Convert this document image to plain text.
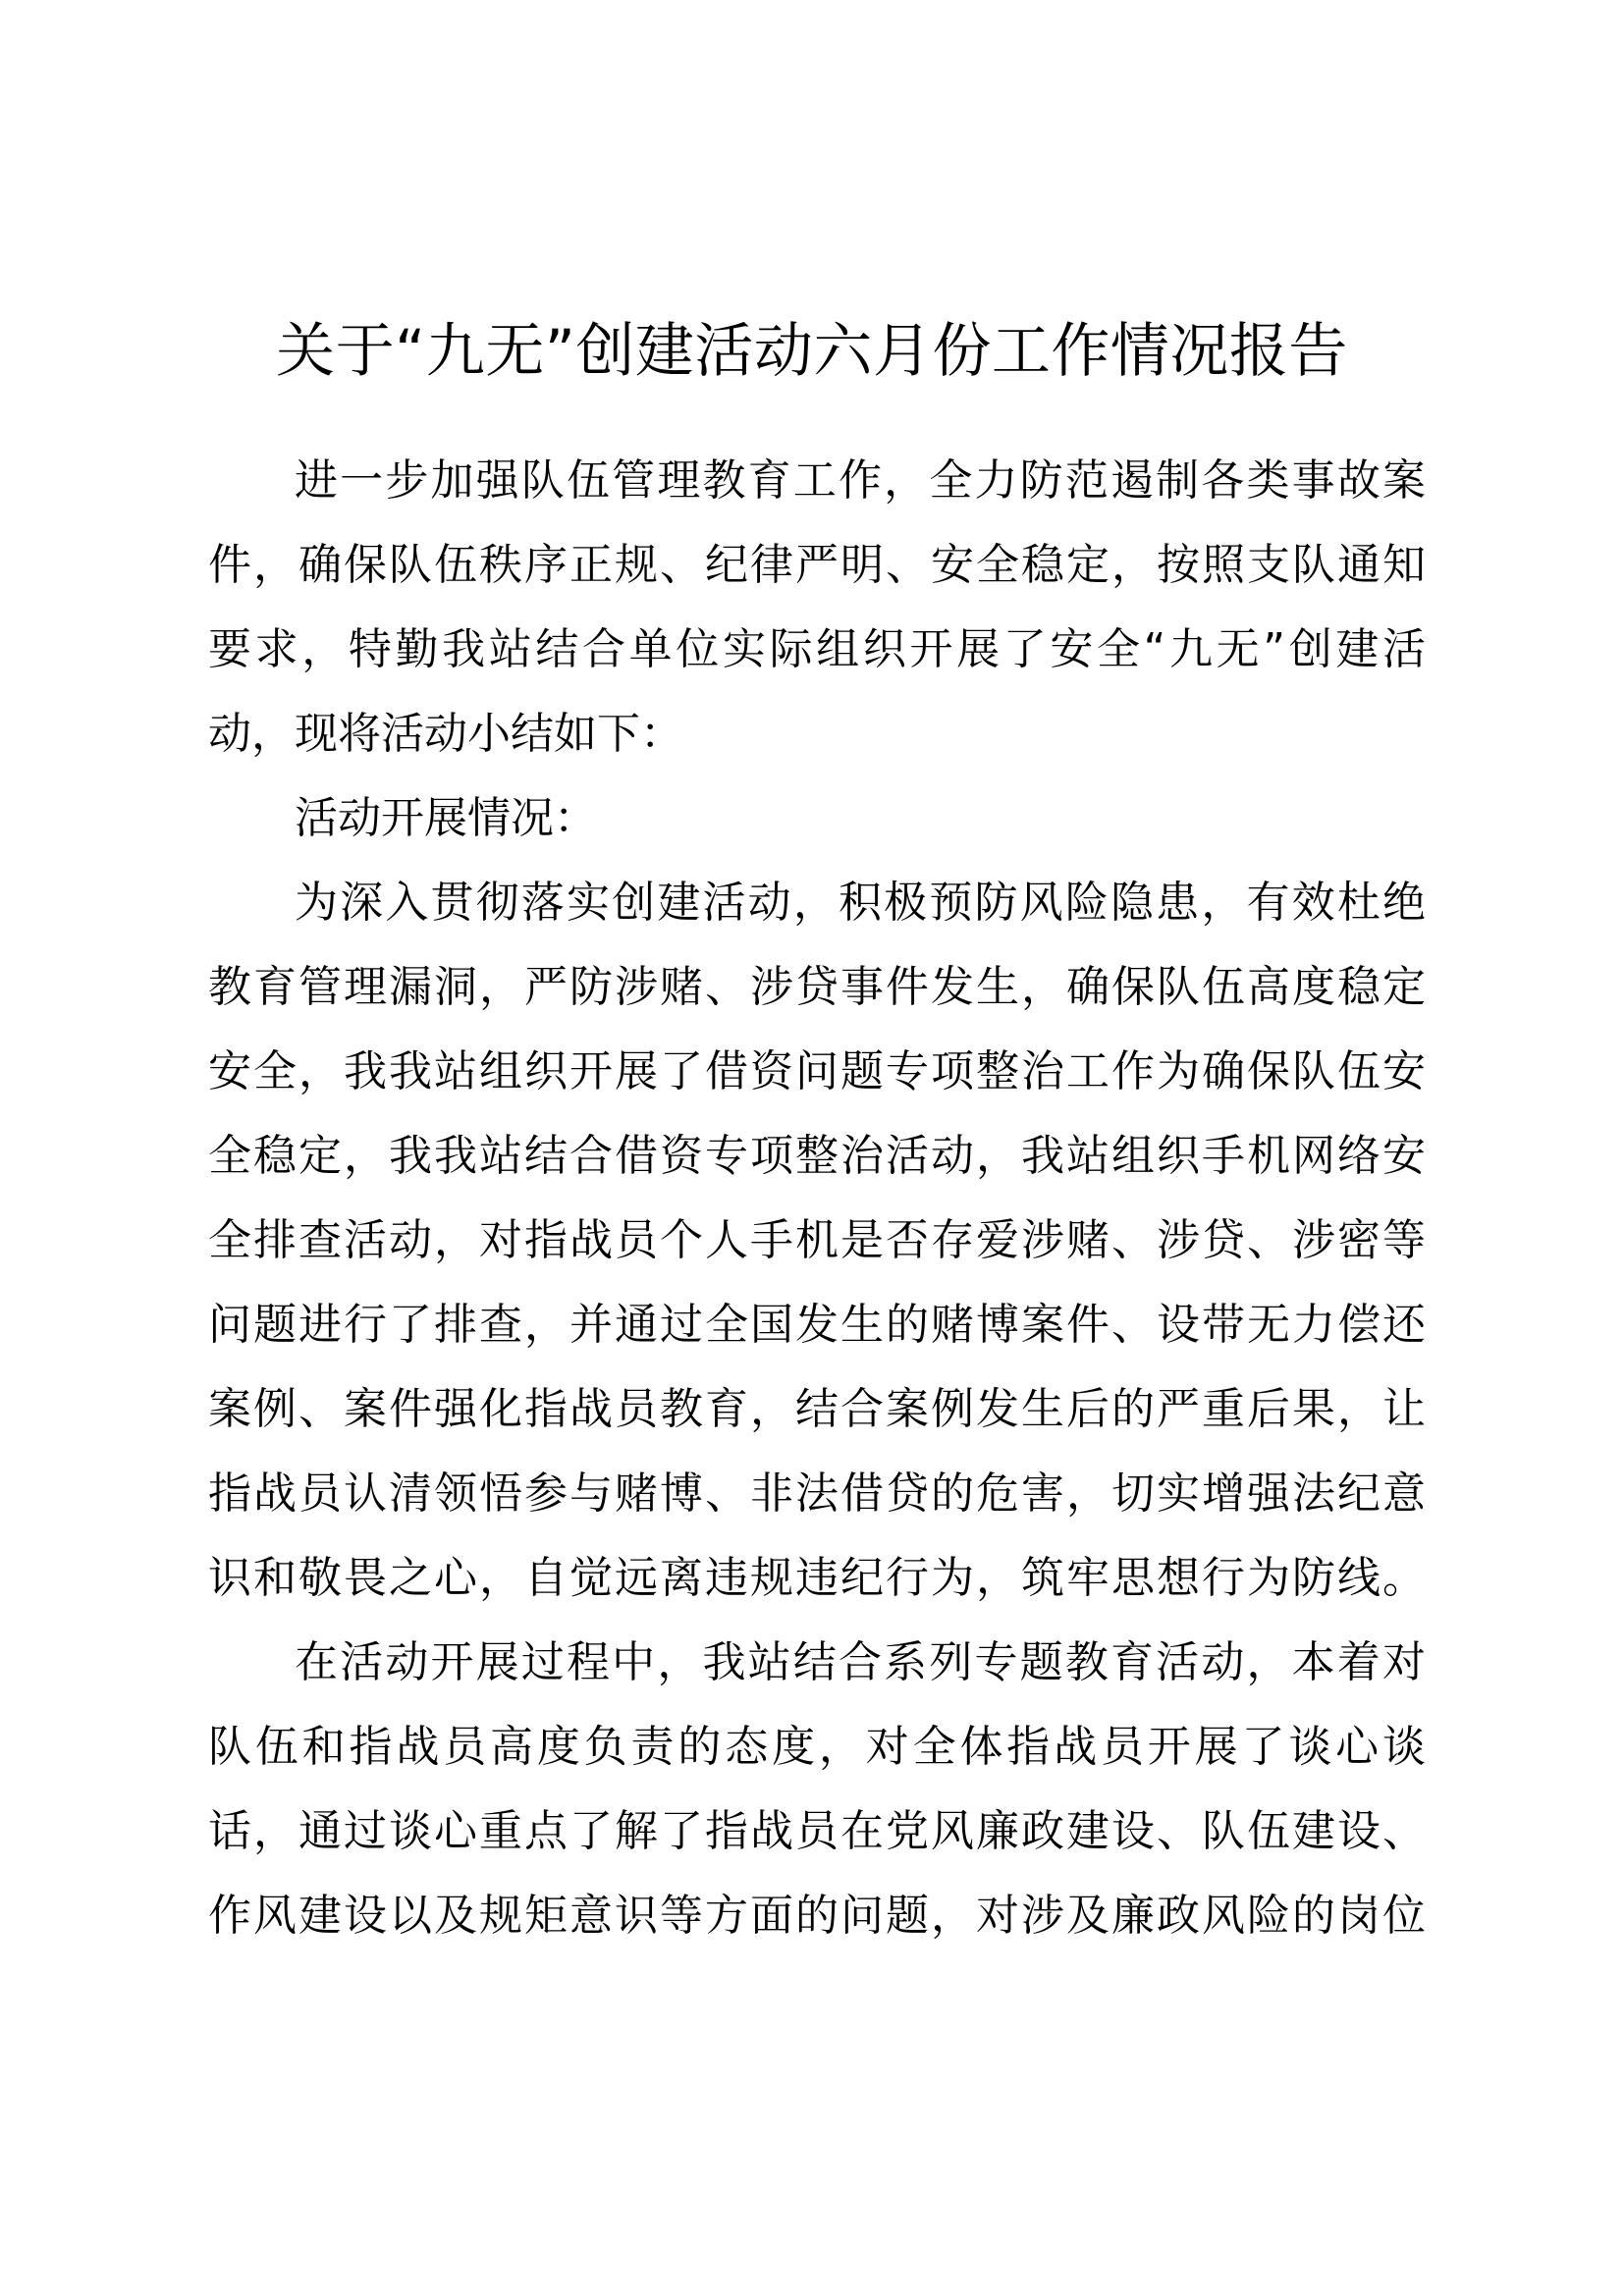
关于“九无”创建活动六月份工作情况报告
进一步加强队伍管理教育工作，全力防范遏制各类事故案
件，确保队伍秩序正规、纪律严明、安全稳定，按照支队通知
要求，特勤我站结合单位实际组织开展了安全“九无”创建活
动，现将活动小结如下：
活动开展情况：
为深入贯彻落实创建活动，积极预防风险隐患，有效杜绝
教育管理漏洞，严防涉赌、涉贷事件发生，确保队伍高度稳定
安全，我我站组织开展了借资问题专项整治工作为确保队伍安
全稳定，我我站结合借资专项整治活动，我站组织手机网络安
全排查活动，对指战员个人手机是否存爱涉赌、涉贷、涉密等
问题进行了排查，并通过全国发生的赌博案件、设带无力偿还
案例、案件强化指战员教育，结合案例发生后的严重后果，让
指战员认清领悟参与赌博、非法借贷的危害，切实增强法纪意
识和敬畏之心，自觉远离违规违纪行为，筑牢思想行为防线。
在活动开展过程中，我站结合系列专题教育活动，本着对
队伍和指战员高度负责的态度，对全体指战员开展了谈心谈
话，通过谈心重点了解了指战员在党风廉政建设、队伍建设、
作风建设以及规矩意识等方面的问题，对涉及廉政风险的岗位
